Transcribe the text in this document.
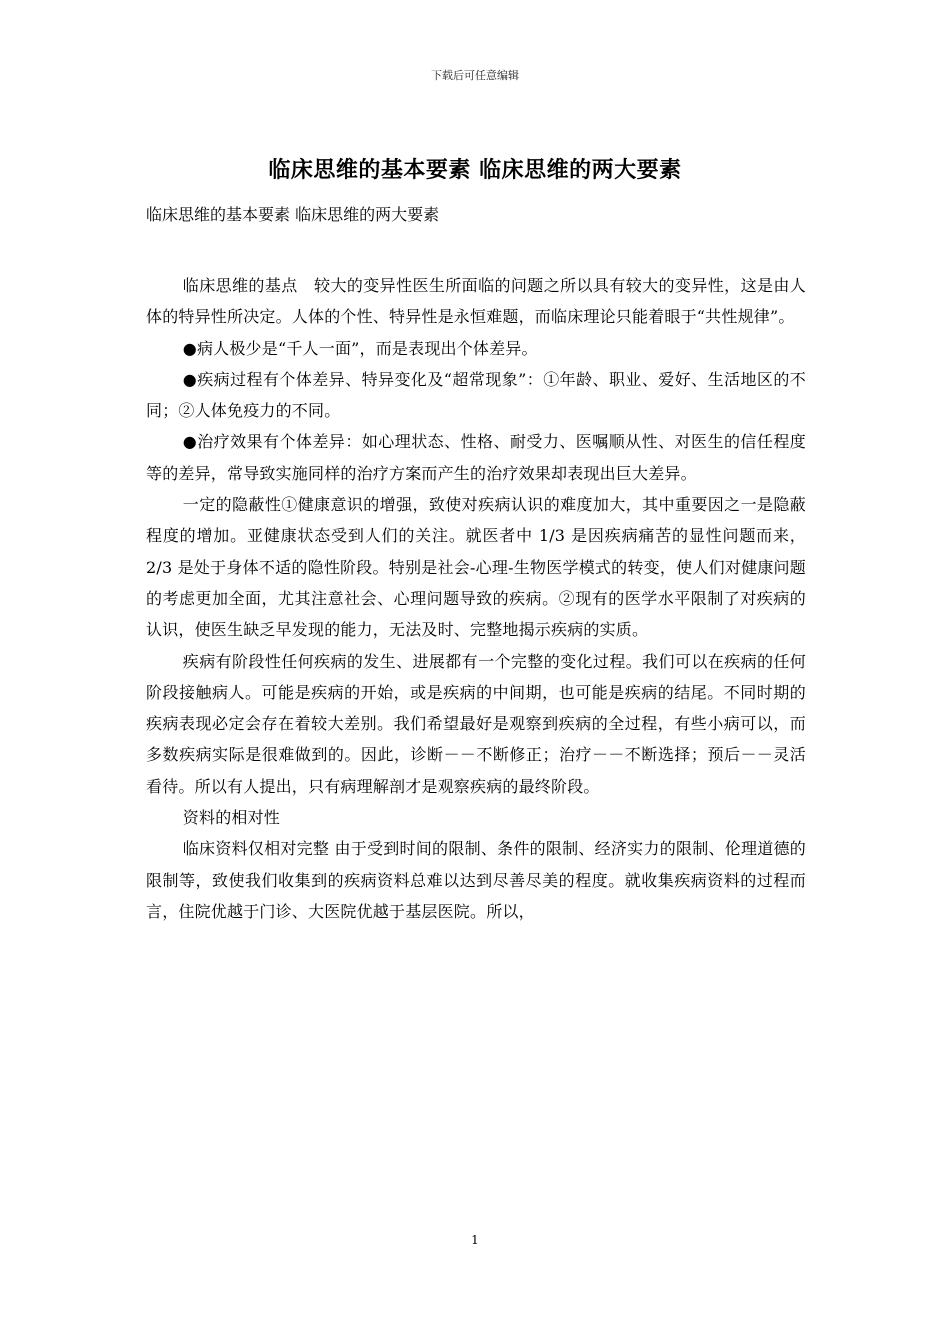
下载后可任意编辑
临床思维的基本要素 临床思维的两大要素
临床思维的基本要素 临床思维的两大要素

临床思维的基点　较大的变异性医生所面临的问题之所以具有较大的变异性，这是由人体的特异性所决定。人体的个性、特异性是永恒难题，而临床理论只能着眼于“共性规律”。

●病人极少是“千人一面”，而是表现出个体差异。

●疾病过程有个体差异、特异变化及“超常现象”：①年龄、职业、爱好、生活地区的不同；②人体免疫力的不同。

●治疗效果有个体差异：如心理状态、性格、耐受力、医嘱顺从性、对医生的信任程度等的差异，常导致实施同样的治疗方案而产生的治疗效果却表现出巨大差异。

一定的隐蔽性①健康意识的增强，致使对疾病认识的难度加大，其中重要因之一是隐蔽程度的增加。亚健康状态受到人们的关注。就医者中 1/3 是因疾病痛苦的显性问题而来，2/3 是处于身体不适的隐性阶段。特别是社会-心理-生物医学模式的转变，使人们对健康问题的考虑更加全面，尤其注意社会、心理问题导致的疾病。②现有的医学水平限制了对疾病的认识，使医生缺乏早发现的能力，无法及时、完整地揭示疾病的实质。

疾病有阶段性任何疾病的发生、进展都有一个完整的变化过程。我们可以在疾病的任何阶段接触病人。可能是疾病的开始，或是疾病的中间期，也可能是疾病的结尾。不同时期的疾病表现必定会存在着较大差别。我们希望最好是观察到疾病的全过程，有些小病可以，而多数疾病实际是很难做到的。因此，诊断－－不断修正；治疗－－不断选择；预后－－灵活看待。所以有人提出，只有病理解剖才是观察疾病的最终阶段。

资料的相对性

临床资料仅相对完整 由于受到时间的限制、条件的限制、经济实力的限制、伦理道德的限制等，致使我们收集到的疾病资料总难以达到尽善尽美的程度。就收集疾病资料的过程而言，住院优越于门诊、大医院优越于基层医院。所以，

1
